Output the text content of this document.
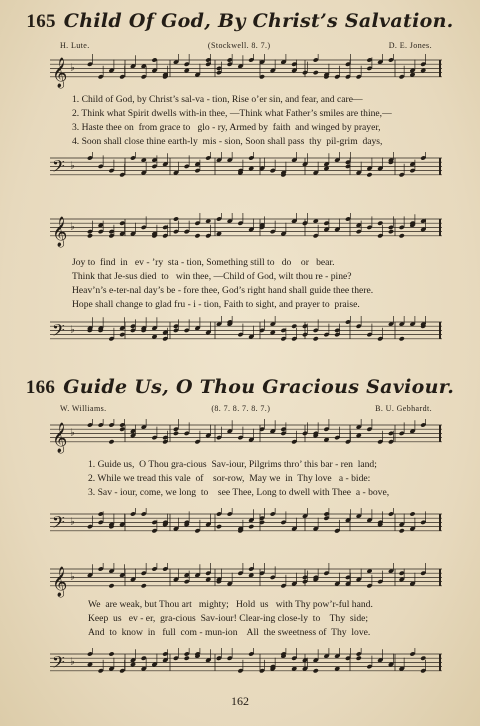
165 Child Of God, By Christ’s Salvation.
H. Lute.	(Stockwell. 8. 7.)	D. E. Jones.
𝄞 ♭
1. Child of God, by Christ’s sal-va - tion, Rise o’er sin, and fear, and care—
2. Think what Spirit dwells with-in thee, —Think what Father’s smiles are thine,—
3. Haste thee on  from grace to   glo - ry, Armed by  faith  and winged by prayer,
4. Soon shall close thine earth-ly  mis - sion, Soon shall pass  thy  pil-grim  days,
𝄢 ♭
𝄞 ♭
Joy to  find  in   ev - ’ry  sta - tion, Something still to   do    or   bear.
Think that Je-sus died  to   win thee, —Child of God, wilt thou re - pine?
Heav’n’s e-ter-nal day’s be - fore thee, God’s right hand shall guide thee there.
Hope shall change to glad fru - i - tion, Faith to sight, and prayer to  praise.
𝄢 ♭
166 Guide Us, O Thou Gracious Saviour.
W. Williams.	(8. 7. 8. 7. 8. 7.)	B. U. Gebhardt.
𝄞 ♭
1. Guide us,  O Thou gra-cious  Sav-iour, Pilgrims thro’ this bar - ren  land;
2. While we tread this vale  of    sor-row,  May we  in  Thy love   a - bide:
3. Sav - iour, come, we long  to    see Thee, Long to dwell with Thee  a - bove,
𝄢 ♭
𝄞 ♭
We  are weak, but Thou art   mighty;   Hold  us   with Thy pow’r-ful hand.
Keep  us   ev - er,  gra-cious  Sav-iour! Clear-ing close-ly  to    Thy  side;
And  to  know  in   full  com - mun-ion    All  the sweetness of  Thy  love.
𝄢 ♭
162
